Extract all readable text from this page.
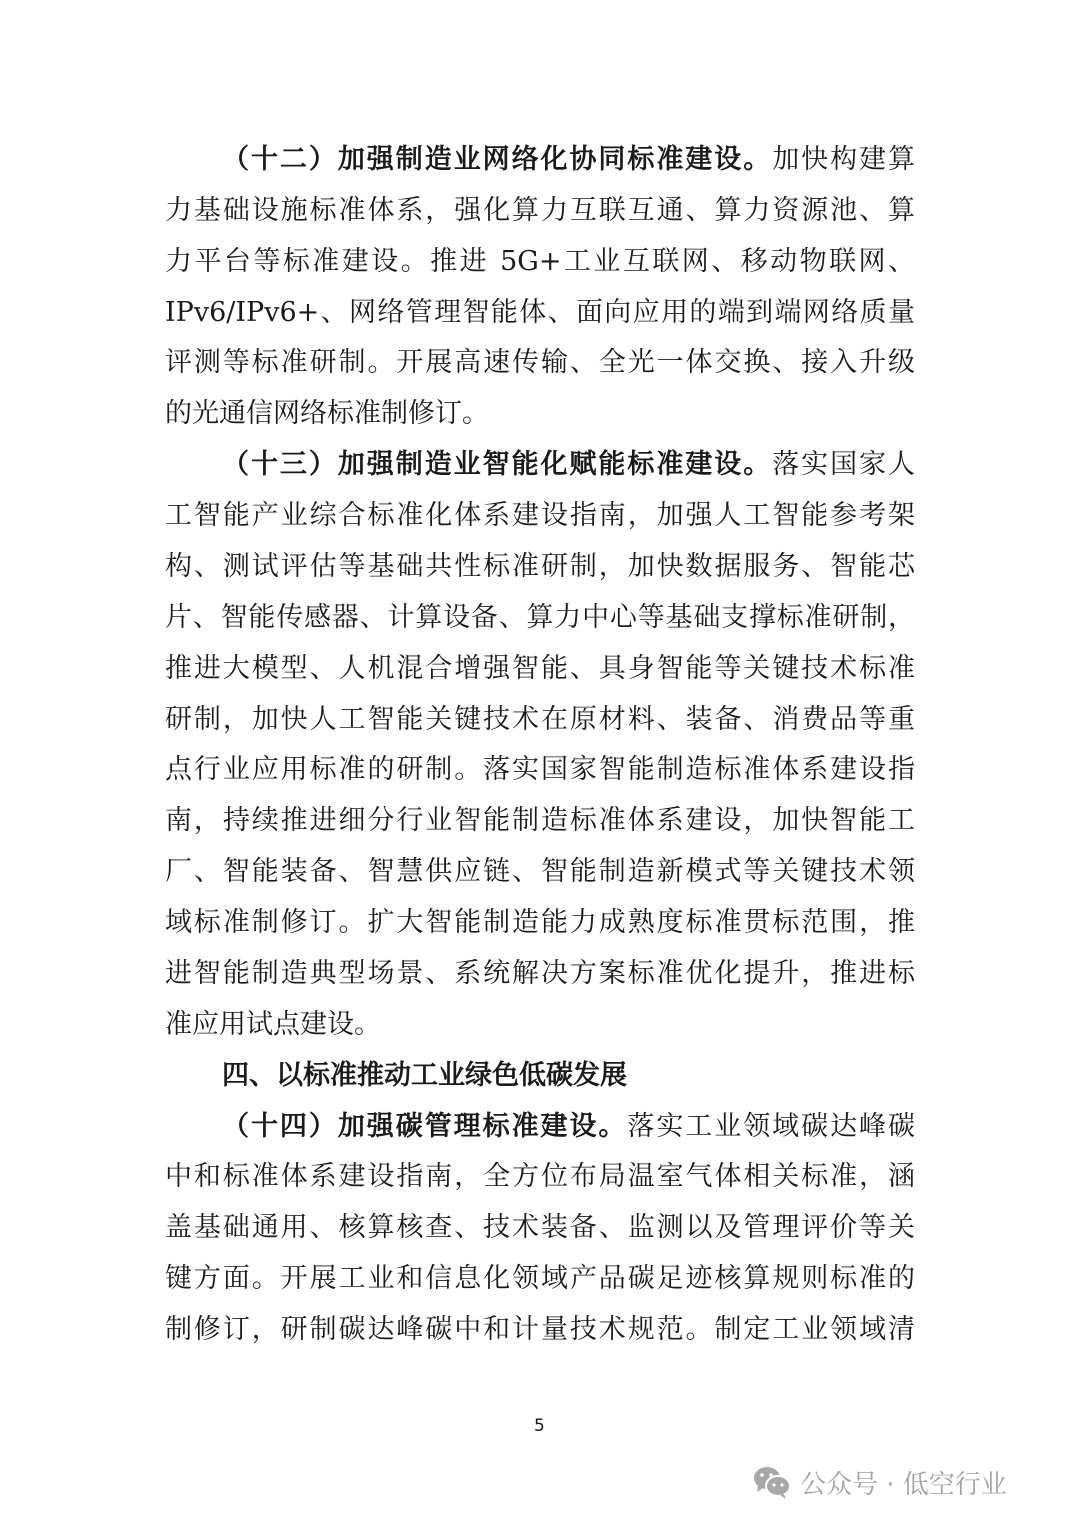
（十二）加强制造业网络化协同标准建设。加快构建算
力基础设施标准体系，强化算力互联互通、算力资源池、算
力平台等标准建设。推进 5G+工业互联网、移动物联网、
IPv6/IPv6+、网络管理智能体、面向应用的端到端网络质量
评测等标准研制。开展高速传输、全光一体交换、接入升级
的光通信网络标准制修订。
（十三）加强制造业智能化赋能标准建设。落实国家人
工智能产业综合标准化体系建设指南，加强人工智能参考架
构、测试评估等基础共性标准研制，加快数据服务、智能芯
片、智能传感器、计算设备、算力中心等基础支撑标准研制，
推进大模型、人机混合增强智能、具身智能等关键技术标准
研制，加快人工智能关键技术在原材料、装备、消费品等重
点行业应用标准的研制。落实国家智能制造标准体系建设指
南，持续推进细分行业智能制造标准体系建设，加快智能工
厂、智能装备、智慧供应链、智能制造新模式等关键技术领
域标准制修订。扩大智能制造能力成熟度标准贯标范围，推
进智能制造典型场景、系统解决方案标准优化提升，推进标
准应用试点建设。
四、以标准推动工业绿色低碳发展
（十四）加强碳管理标准建设。落实工业领域碳达峰碳
中和标准体系建设指南，全方位布局温室气体相关标准，涵
盖基础通用、核算核查、技术装备、监测以及管理评价等关
键方面。开展工业和信息化领域产品碳足迹核算规则标准的
制修订，研制碳达峰碳中和计量技术规范。制定工业领域清
5
公众号 · 低空行业
